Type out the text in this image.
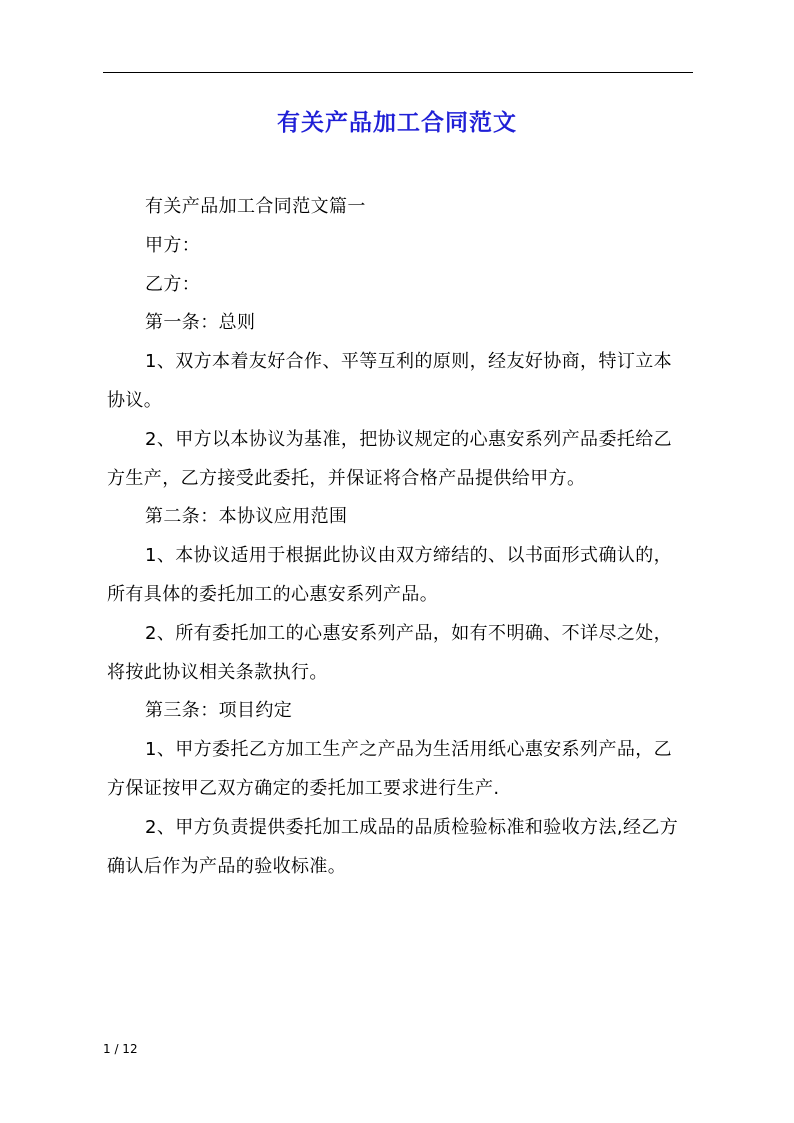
有关产品加工合同范文

有关产品加工合同范文篇一

甲方：

乙方：

第一条：总则

1、双方本着友好合作、平等互利的原则，经友好协商，特订立本协议。

2、甲方以本协议为基准，把协议规定的心惠安系列产品委托给乙方生产，乙方接受此委托，并保证将合格产品提供给甲方。

第二条：本协议应用范围

1、本协议适用于根据此协议由双方缔结的、以书面形式确认的，所有具体的委托加工的心惠安系列产品。

2、所有委托加工的心惠安系列产品，如有不明确、不详尽之处，将按此协议相关条款执行。

第三条：项目约定

1、甲方委托乙方加工生产之产品为生活用纸心惠安系列产品，乙方保证按甲乙双方确定的委托加工要求进行生产.

2、甲方负责提供委托加工成品的品质检验标准和验收方法,经乙方确认后作为产品的验收标准。

1 / 12
